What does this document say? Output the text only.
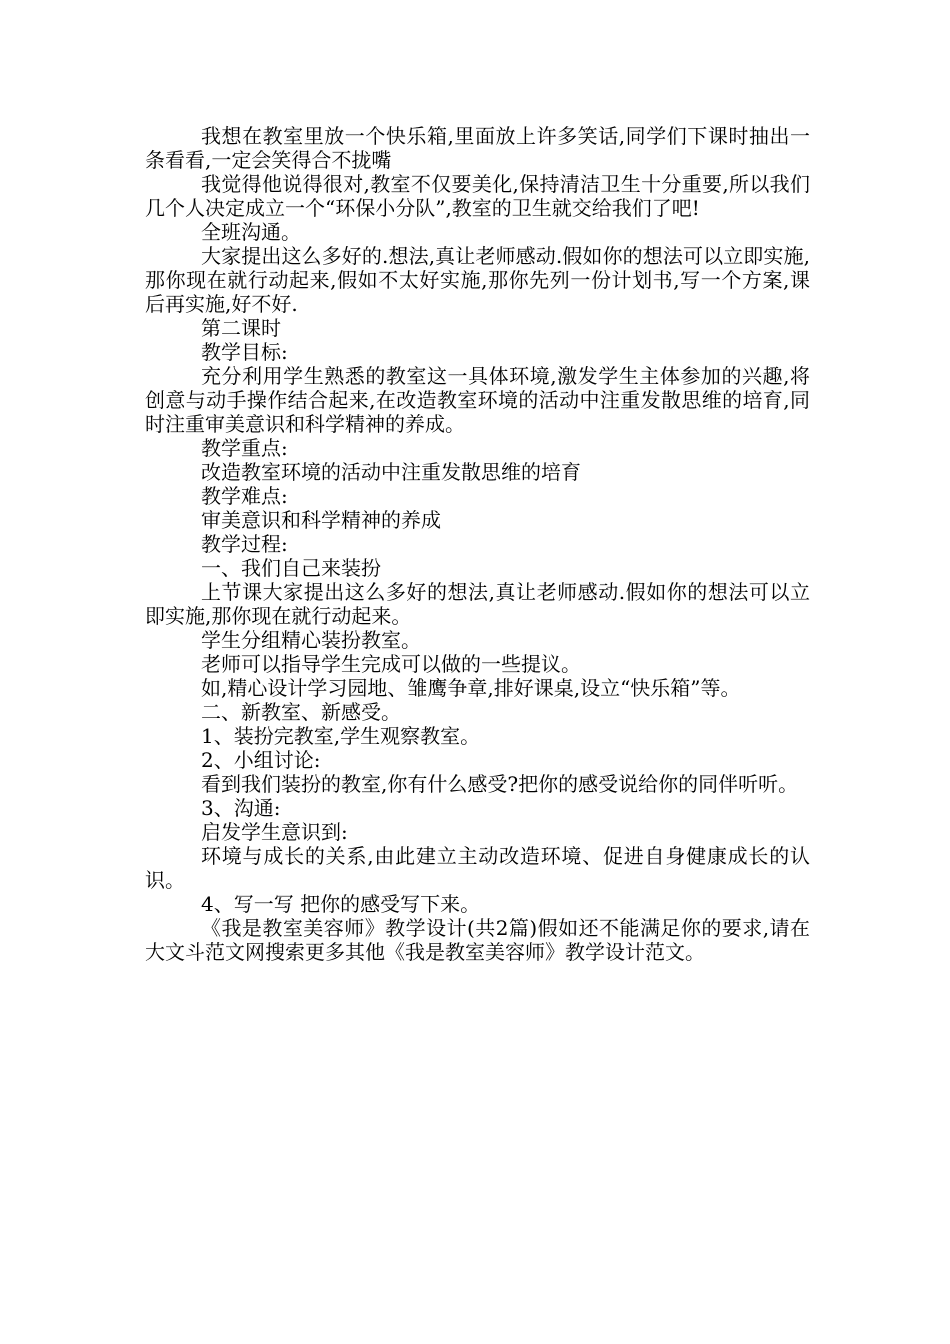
我想在教室里放一个快乐箱,里面放上许多笑话,同学们下课时抽出一条看看,一定会笑得合不拢嘴

我觉得他说得很对,教室不仅要美化,保持清洁卫生十分重要,所以我们几个人决定成立一个“环保小分队”,教室的卫生就交给我们了吧!

全班沟通。

大家提出这么多好的.想法,真让老师感动.假如你的想法可以立即实施,那你现在就行动起来,假如不太好实施,那你先列一份计划书,写一个方案,课后再实施,好不好.

第二课时

教学目标:

充分利用学生熟悉的教室这一具体环境,激发学生主体参加的兴趣,将创意与动手操作结合起来,在改造教室环境的活动中注重发散思维的培育,同时注重审美意识和科学精神的养成。

教学重点:

改造教室环境的活动中注重发散思维的培育

教学难点:

审美意识和科学精神的养成

教学过程:

一、我们自己来装扮

上节课大家提出这么多好的想法,真让老师感动.假如你的想法可以立即实施,那你现在就行动起来。

学生分组精心装扮教室。

老师可以指导学生完成可以做的一些提议。

如,精心设计学习园地、雏鹰争章,排好课桌,设立“快乐箱”等。

二、新教室、新感受。

1、装扮完教室,学生观察教室。

2、小组讨论:

看到我们装扮的教室,你有什么感受?把你的感受说给你的同伴听听。

3、沟通:

启发学生意识到:

环境与成长的关系,由此建立主动改造环境、促进自身健康成长的认识。

4、写一写 把你的感受写下来。

《我是教室美容师》教学设计(共2篇)假如还不能满足你的要求,请在大文斗范文网搜索更多其他《我是教室美容师》教学设计范文。
